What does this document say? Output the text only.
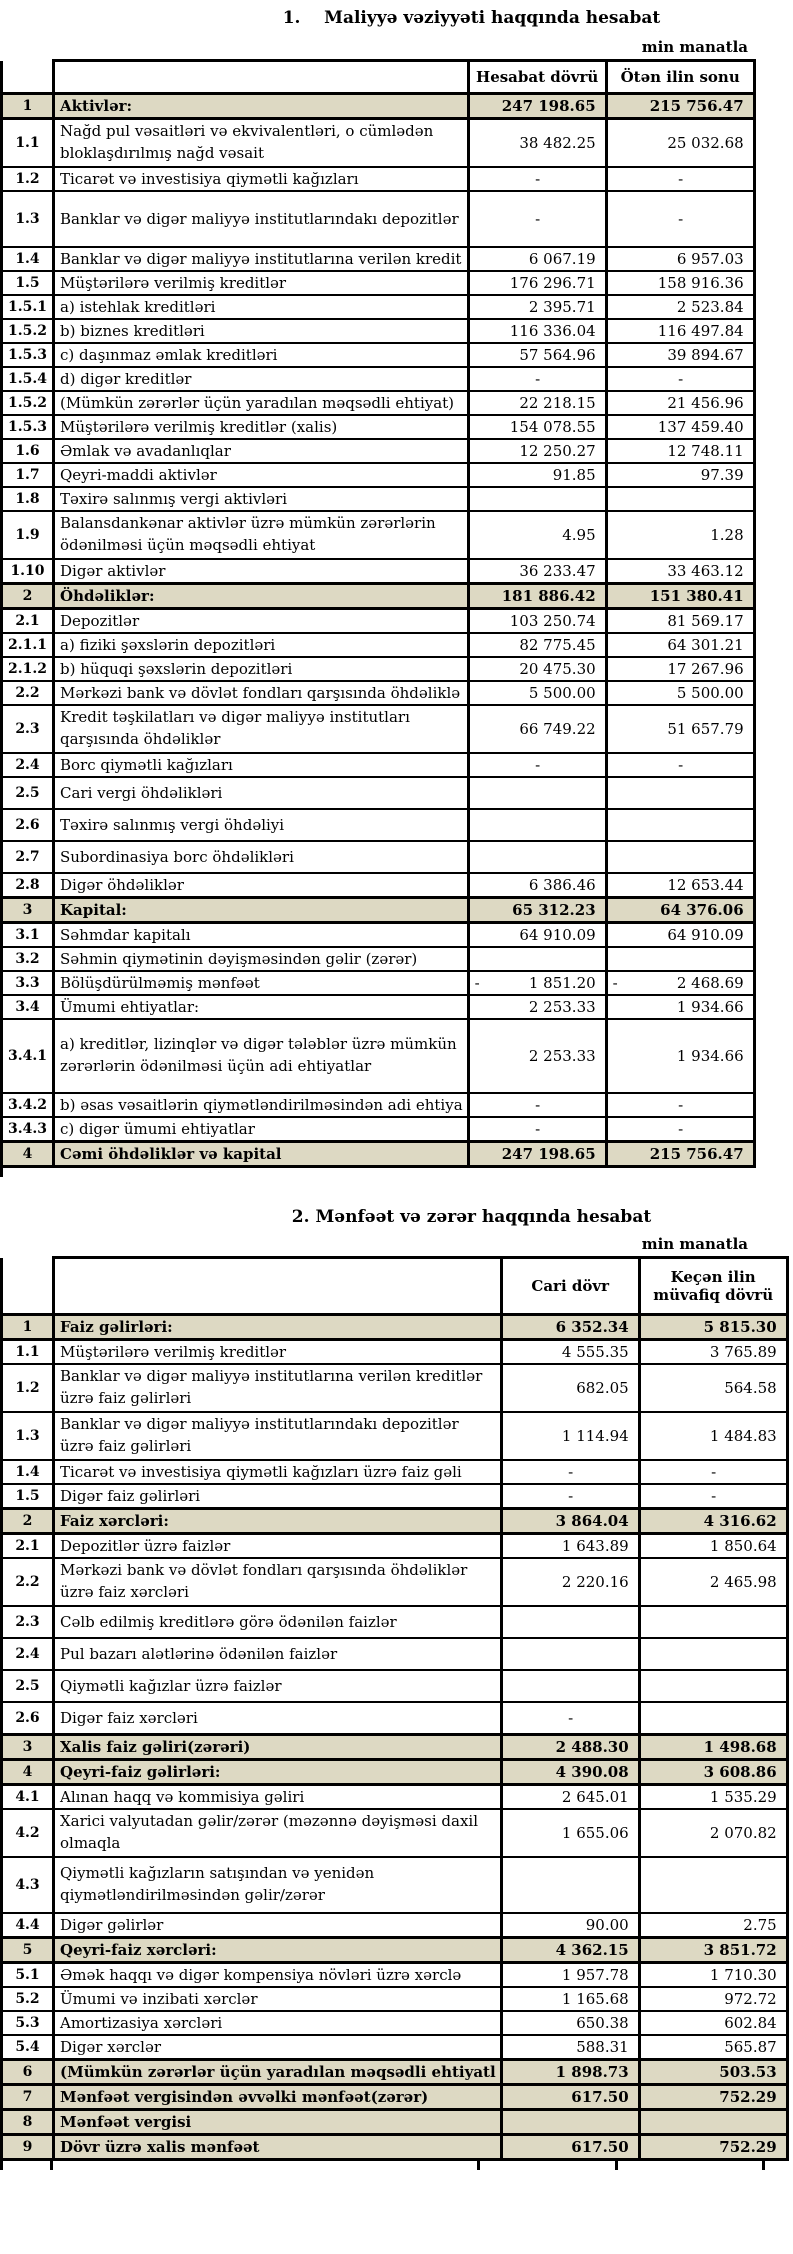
1.    Maliyyə vəziyyəti haqqında hesabat
min manatla
		Hesabat dövrü	Ötən ilin sonu
1	Aktivlər:	247 198.65	215 756.47
1.1	Nağd pul vəsaitləri və ekvivalentləri, o cümlədən bloklaşdırılmış nağd vəsait	38 482.25	25 032.68
1.2	Ticarət və investisiya qiymətli kağızları	-	-
1.3	Banklar və digər maliyyə institutlarındakı depozitlər	-	-
1.4	Banklar və digər maliyyə institutlarına verilən kredit	6 067.19	6 957.03
1.5	Müştərilərə verilmiş kreditlər	176 296.71	158 916.36
1.5.1	a) istehlak kreditləri	2 395.71	2 523.84
1.5.2	b) biznes kreditləri	116 336.04	116 497.84
1.5.3	c) daşınmaz əmlak kreditləri	57 564.96	39 894.67
1.5.4	d) digər kreditlər	-	-
1.5.2	(Mümkün zərərlər üçün yaradılan məqsədli ehtiyat)	22 218.15	21 456.96
1.5.3	Müştərilərə verilmiş kreditlər (xalis)	154 078.55	137 459.40
1.6	Əmlak və avadanlıqlar	12 250.27	12 748.11
1.7	Qeyri-maddi aktivlər	91.85	97.39
1.8	Təxirə salınmış vergi aktivləri		
1.9	Balansdankənar aktivlər üzrə mümkün zərərlərin ödənilməsi üçün məqsədli ehtiyat	4.95	1.28
1.10	Digər aktivlər	36 233.47	33 463.12
2	Öhdəliklər:	181 886.42	151 380.41
2.1	Depozitlər	103 250.74	81 569.17
2.1.1	a) fiziki şəxslərin depozitləri	82 775.45	64 301.21
2.1.2	b) hüquqi şəxslərin depozitləri	20 475.30	17 267.96
2.2	Mərkəzi bank və dövlət fondları qarşısında öhdəliklə	5 500.00	5 500.00
2.3	Kredit təşkilatları və digər maliyyə institutları qarşısında öhdəliklər	66 749.22	51 657.79
2.4	Borc qiymətli kağızları	-	-
2.5	Cari vergi öhdəlikləri		
2.6	Təxirə salınmış vergi öhdəliyi		
2.7	Subordinasiya borc öhdəlikləri		
2.8	Digər öhdəliklər	6 386.46	12 653.44
3	Kapital:	65 312.23	64 376.06
3.1	Səhmdar kapitalı	64 910.09	64 910.09
3.2	Səhmin qiymətinin dəyişməsindən gəlir (zərər)		
3.3	Bölüşdürülməmiş mənfəət	- 1 851.20	- 2 468.69

3.4	Ümumi ehtiyatlar:	2 253.33	1 934.66
3.4.1	a) kreditlər, lizinqlər və digər tələblər üzrə mümkün zərərlərin ödənilməsi üçün adi ehtiyatlar	2 253.33	1 934.66
3.4.2	b) əsas vəsaitlərin qiymətləndirilməsindən adi ehtiya	-	-
3.4.3	c) digər ümumi ehtiyatlar	-	-
4	Cəmi öhdəliklər və kapital	247 198.65	215 756.47
2. Mənfəət və zərər haqqında hesabat
min manatla
		Cari dövr	Keçən ilin müvafiq dövrü
1	Faiz gəlirləri:	6 352.34	5 815.30
1.1	Müştərilərə verilmiş kreditlər	4 555.35	3 765.89
1.2	Banklar və digər maliyyə institutlarına verilən kreditlər üzrə faiz gəlirləri	682.05	564.58
1.3	Banklar və digər maliyyə institutlarındakı depozitlər üzrə faiz gəlirləri	1 114.94	1 484.83
1.4	Ticarət və investisiya qiymətli kağızları üzrə faiz gəli	-	-
1.5	Digər faiz gəlirləri	-	-
2	Faiz xərcləri:	3 864.04	4 316.62
2.1	Depozitlər üzrə faizlər	1 643.89	1 850.64
2.2	Mərkəzi bank və dövlət fondları qarşısında öhdəliklər üzrə faiz xərcləri	2 220.16	2 465.98
2.3	Cəlb edilmiş kreditlərə görə ödənilən faizlər		
2.4	Pul bazarı alətlərinə ödənilən faizlər		
2.5	Qiymətli kağızlar üzrə faizlər		
2.6	Digər faiz xərcləri	-	
3	Xalis faiz gəliri(zərəri)	2 488.30	1 498.68
4	Qeyri-faiz gəlirləri:	4 390.08	3 608.86
4.1	Alınan haqq və kommisiya gəliri	2 645.01	1 535.29
4.2	Xarici valyutadan gəlir/zərər (məzənnə dəyişməsi daxil olmaqla	1 655.06	2 070.82
4.3	Qiymətli kağızların satışından və yenidən qiymətləndirilməsindən gəlir/zərər		
4.4	Digər gəlirlər	90.00	2.75
5	Qeyri-faiz xərcləri:	4 362.15	3 851.72
5.1	Əmək haqqı və digər kompensiya növləri üzrə xərclə	1 957.78	1 710.30
5.2	Ümumi və inzibati xərclər	1 165.68	972.72
5.3	Amortizasiya xərcləri	650.38	602.84
5.4	Digər xərclər	588.31	565.87
6	(Mümkün zərərlər üçün yaradılan məqsədli ehtiyatl	1 898.73	503.53
7	Mənfəət vergisindən əvvəlki mənfəət(zərər)	617.50	752.29
8	Mənfəət vergisi		
9	Dövr üzrə xalis mənfəət	617.50	752.29
